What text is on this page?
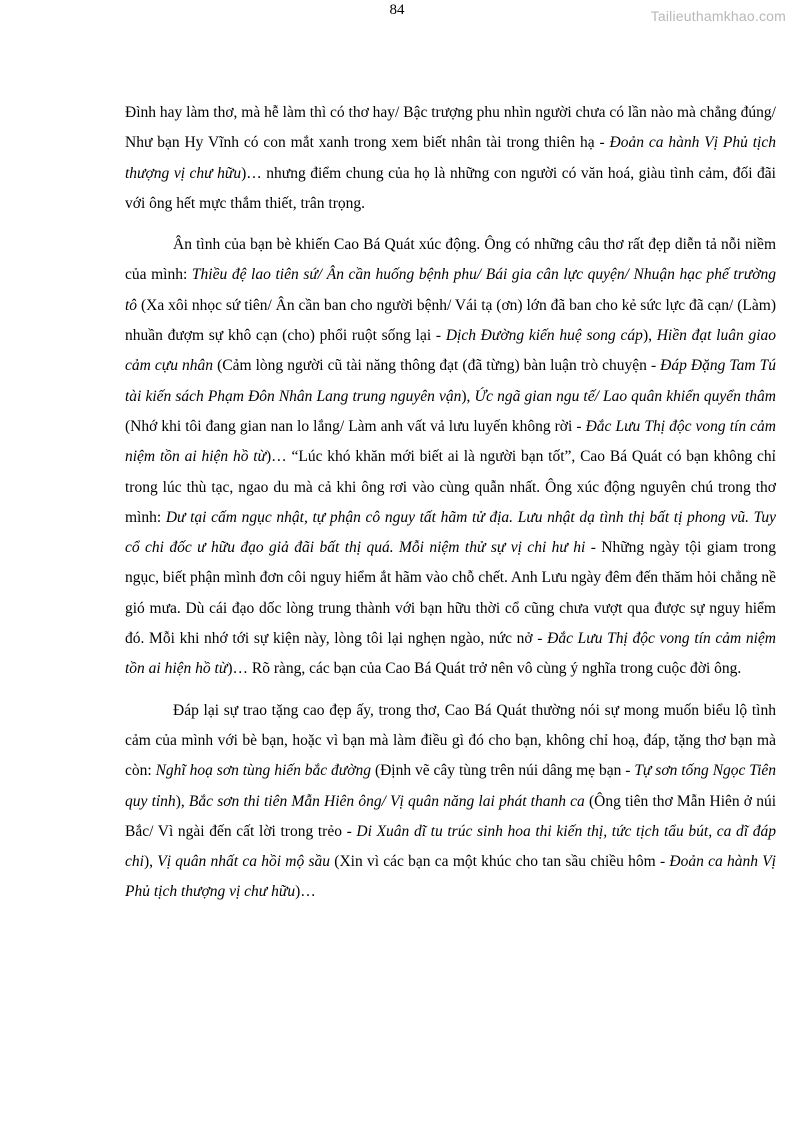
84	Tailieuthamkhao.com

Đình hay làm thơ, mà hễ làm thì có thơ hay/ Bậc trượng phu nhìn người chưa có lần nào mà chẳng đúng/ Như bạn Hy Vĩnh có con mắt xanh trong xem biết nhân tài trong thiên hạ - Đoản ca hành Vị Phủ tịch thượng vị chư hữu)… nhưng điểm chung của họ là những con người có văn hoá, giàu tình cảm, đối đãi với ông hết mực thắm thiết, trân trọng.

Ân tình của bạn bè khiến Cao Bá Quát xúc động. Ông có những câu thơ rất đẹp diễn tả nỗi niềm của mình: Thiều đệ lao tiên sứ/ Ân cần huống bệnh phu/ Bái gia cân lực quyện/ Nhuận hạc phế trường tô (Xa xôi nhọc sứ tiên/ Ân cần ban cho người bệnh/ Vái tạ (ơn) lớn đã ban cho kẻ sức lực đã cạn/ (Làm) nhuần đượm sự khô cạn (cho) phổi ruột sống lại - Dịch Đường kiến huệ song cáp), Hiền đạt luân giao cảm cựu nhân (Cảm lòng người cũ tài năng thông đạt (đã từng) bàn luận trò chuyện - Đáp Đặng Tam Tú tài kiến sách Phạm Đôn Nhân Lang trung nguyên vận), Ức ngã gian ngu tế/ Lao quân khiển quyển thâm (Nhớ khi tôi đang gian nan lo lắng/ Làm anh vất vả lưu luyến không rời - Đắc Lưu Thị độc vong tín cảm niệm tồn ai hiện hồ từ)… “Lúc khó khăn mới biết ai là người bạn tốt”, Cao Bá Quát có bạn không chỉ trong lúc thù tạc, ngao du mà cả khi ông rơi vào cùng quẫn nhất. Ông xúc động nguyên chú trong thơ mình: Dư tại cấm ngục nhật, tự phận cô nguy tất hãm tử địa. Lưu nhật dạ tình thị bất tị phong vũ. Tuy cổ chi đốc ư hữu đạo giả đãi bất thị quá. Mỗi niệm thử sự vị chi hư hi - Những ngày tội giam trong ngục, biết phận mình đơn côi nguy hiểm ắt hãm vào chỗ chết. Anh Lưu ngày đêm đến thăm hỏi chẳng nề gió mưa. Dù cái đạo dốc lòng trung thành với bạn hữu thời cổ cũng chưa vượt qua được sự nguy hiểm đó. Mỗi khi nhớ tới sự kiện này, lòng tôi lại nghẹn ngào, nức nở - Đắc Lưu Thị độc vong tín cảm niệm tồn ai hiện hồ từ)… Rõ ràng, các bạn của Cao Bá Quát trở nên vô cùng ý nghĩa trong cuộc đời ông.

Đáp lại sự trao tặng cao đẹp ấy, trong thơ, Cao Bá Quát thường nói sự mong muốn biểu lộ tình cảm của mình với bè bạn, hoặc vì bạn mà làm điều gì đó cho bạn, không chỉ hoạ, đáp, tặng thơ bạn mà còn: Nghĩ hoạ sơn tùng hiến bắc đường (Định vẽ cây tùng trên núi dâng mẹ bạn - Tự sơn tống Ngọc Tiên quy tỉnh), Bắc sơn thi tiên Mẫn Hiên ông/ Vị quân năng lai phát thanh ca (Ông tiên thơ Mẫn Hiên ở núi Bắc/ Vì ngài đến cất lời trong trẻo - Di Xuân dĩ tu trúc sinh hoa thi kiến thị, tức tịch tẩu bút, ca dĩ đáp chi), Vị quân nhất ca hồi mộ sầu (Xin vì các bạn ca một khúc cho tan sầu chiều hôm - Đoản ca hành Vị Phủ tịch thượng vị chư hữu)…
